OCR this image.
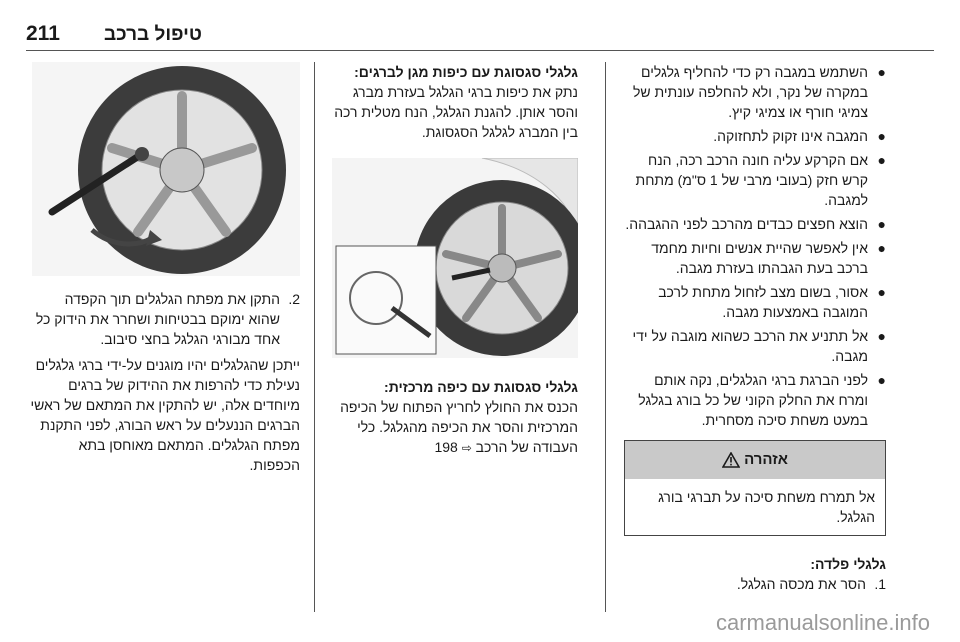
211 טיפול ברכב
●
השתמש במגבה רק כדי להחליף גלגלים במקרה של נקר, ולא להחלפה עונתית של צמיגי חורף או צמיגי קיץ.
●
המגבה אינו זקוק לתחזוקה.
●
אם הקרקע עליה חונה הרכב רכה, הנח קרש חזק (בעובי מרבי של 1 ס"מ) מתחת למגבה.
●
הוצא חפצים כבדים מהרכב לפני ההגבהה.
●
אין לאפשר שהיית אנשים וחיות מחמד ברכב בעת הגבהתו בעזרת מגבה.
●
אסור, בשום מצב לזחול מתחת לרכב המוגבה באמצעות מגבה.
●
אל תתניע את הרכב כשהוא מוגבה על ידי מגבה.
●
לפני הברגת ברגי הגלגלים, נקה אותם ומרח את החלק הקוני של כל בורג בגלגל במעט משחת סיכה מסחרית.
אזהרה
אל תמרח משחת סיכה על תברגי בורג הגלגל.
גלגלי פלדה:
1.
הסר את מכסה הגלגל.
גלגלי סגסוגת עם כיפות מגן לברגים:
נתק את כיפות ברגי הגלגל בעזרת מברג והסר אותן. להגנת הגלגל, הנח מטלית רכה בין המברג לגלגל הסגסוגת.
גלגלי סגסוגת עם כיפה מרכזית:
הכנס את החולץ לחריץ הפתוח של הכיפה המרכזית והסר את הכיפה מהגלגל. כלי העבודה של הרכב ⇨ 198
2.
התקן את מפתח הגלגלים תוך הקפדה שהוא ימוקם בבטיחות ושחרר את הידוק כל אחד מבורגי הגלגל בחצי סיבוב.
ייתכן שהגלגלים יהיו מוגנים על-ידי ברגי גלגלים נעילת כדי להרפות את ההידוק של ברגים מיוחדים אלה, יש להתקין את המתאם של ראשי הברגים הננעלים על ראש הבורג, לפני התקנת מפתח הגלגלים. המתאם מאוחסן בתא הכפפות.
carmanualsonline.info
